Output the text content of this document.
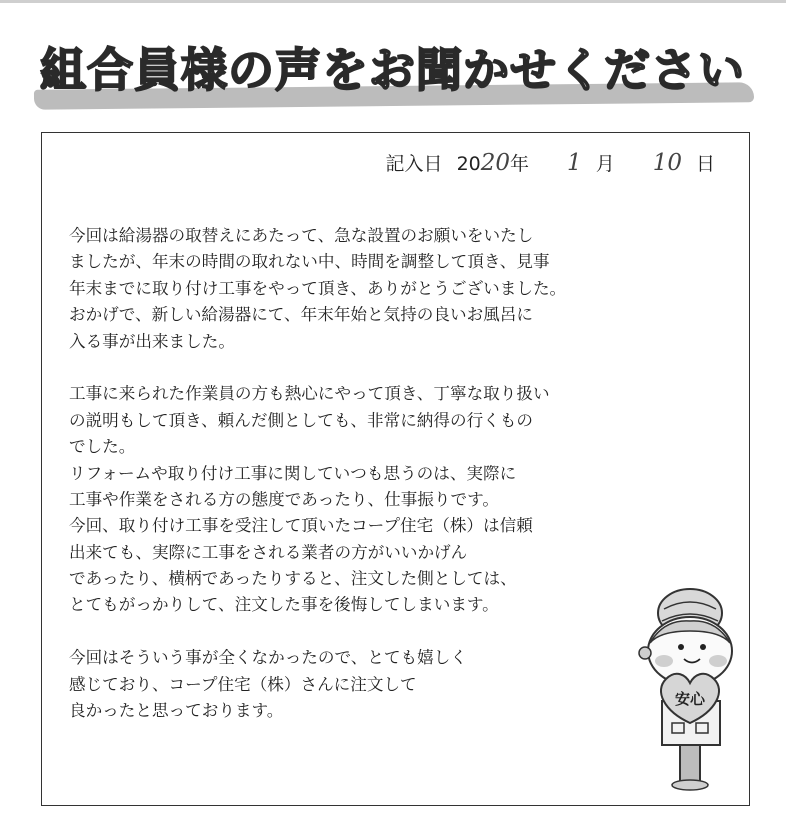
組合員様の声をお聞かせください
記入日 2020年 1 月 10 日
今回は給湯器の取替えにあたって、急な設置のお願いをいたし
ましたが、年末の時間の取れない中、時間を調整して頂き、見事
年末までに取り付け工事をやって頂き、ありがとうございました。
おかげで、新しい給湯器にて、年末年始と気持の良いお風呂に
入る事が出来ました。
工事に来られた作業員の方も熱心にやって頂き、丁寧な取り扱い
の説明もして頂き、頼んだ側としても、非常に納得の行くもの
でした。
リフォームや取り付け工事に関していつも思うのは、実際に
工事や作業をされる方の態度であったり、仕事振りです。
今回、取り付け工事を受注して頂いたコープ住宅（株）は信頼
出来ても、実際に工事をされる業者の方がいいかげん
であったり、横柄であったりすると、注文した側としては、
とてもがっかりして、注文した事を後悔してしまいます。
今回はそういう事が全くなかったので、とても嬉しく
感じており、コープ住宅（株）さんに注文して
良かったと思っております。
安心
